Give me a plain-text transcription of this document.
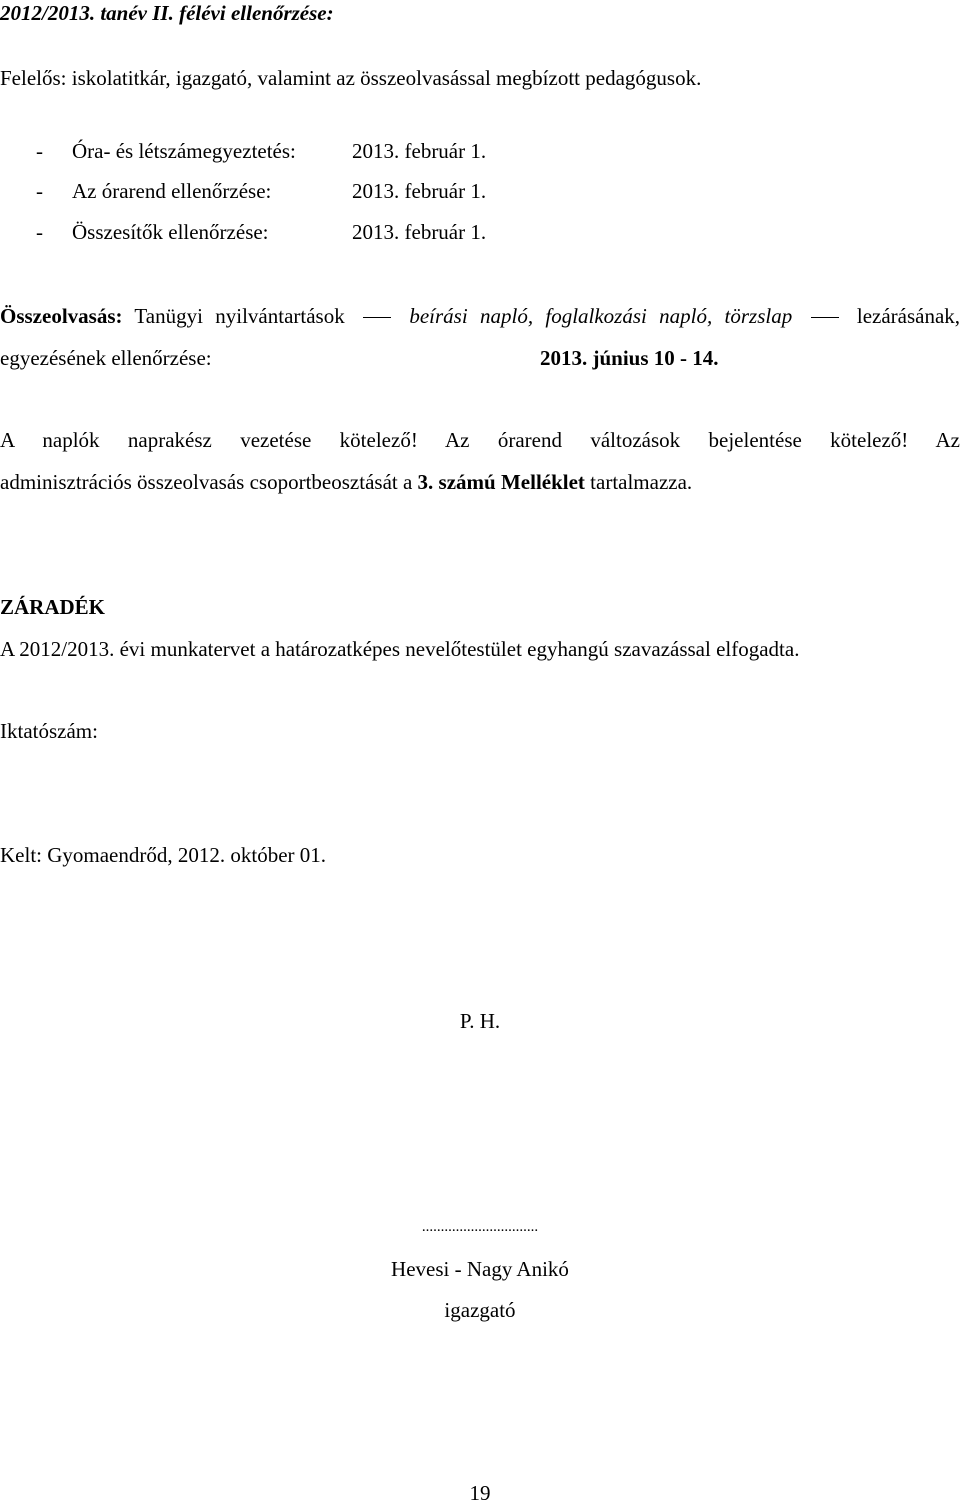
2012/2013. tanév II. félévi ellenőrzése:
Felelős: iskolatitkár, igazgató, valamint az összeolvasással megbízott pedagógusok.
- Óra- és létszámegyeztetés:	2013. február 1.
- Az órarend ellenőrzése:	2013. február 1.
- Összesítők ellenőrzése:	2013. február 1.
Összeolvasás: Tanügyi nyilvántartások	beírási napló, foglalkozási napló, törzslap	lezárásának,
egyezésének ellenőrzése:	2013. június 10 - 14.
A naplók naprakész vezetése kötelező! Az órarend változások bejelentése kötelező! Az
adminisztrációs összeolvasás csoportbeosztását a 3. számú Melléklet tartalmazza.
ZÁRADÉK
A 2012/2013. évi munkatervet a határozatképes nevelőtestület egyhangú szavazással elfogadta.
Iktatószám:
Kelt: Gyomaendrőd, 2012. október 01.
P. H.
...............................
Hevesi - Nagy Anikó
igazgató
19
